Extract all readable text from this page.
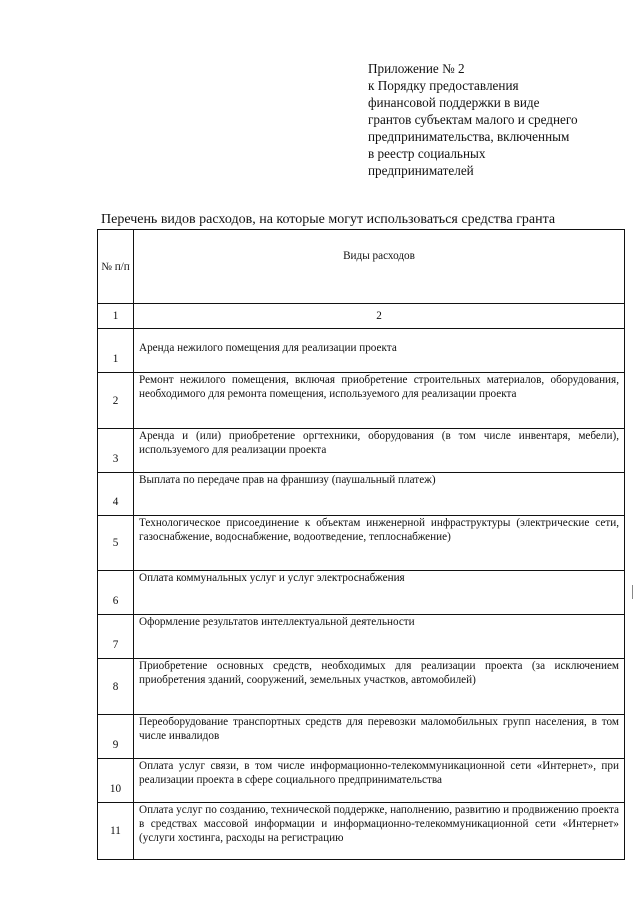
Приложение № 2
к Порядку предоставления
финансовой поддержки в виде
грантов субъектам малого и среднего
предпринимательства, включенным
в реестр социальных
предпринимателей
Перечень видов расходов, на которые могут использоваться средства гранта
№ п/п	Виды расходов
1	2
1	Аренда нежилого помещения для реализации проекта
2	Ремонт нежилого помещения, включая приобретение строительных материалов, оборудования, необходимого для ремонта помещения, используемого для реализации проекта
3	Аренда и (или) приобретение оргтехники, оборудования (в том числе инвентаря, мебели), используемого для реализации проекта
4	Выплата по передаче прав на франшизу (паушальный платеж)
5	Технологическое присоединение к объектам инженерной инфраструктуры (электрические сети, газоснабжение, водоснабжение, водоотведение, теплоснабжение)
6	Оплата коммунальных услуг и услуг электроснабжения
7	Оформление результатов интеллектуальной деятельности
8	Приобретение основных средств, необходимых для реализации проекта (за исключением приобретения зданий, сооружений, земельных участков, автомобилей)
9	Переоборудование транспортных средств для перевозки маломобильных групп населения, в том числе инвалидов
10	Оплата услуг связи, в том числе информационно-телекоммуникационной сети «Интернет», при реализации проекта в сфере социального предпринимательства
11	Оплата услуг по созданию, технической поддержке, наполнению, развитию и продвижению проекта в средствах массовой информации и информационно-телекоммуникационной сети «Интернет» (услуги хостинга, расходы на регистрацию
